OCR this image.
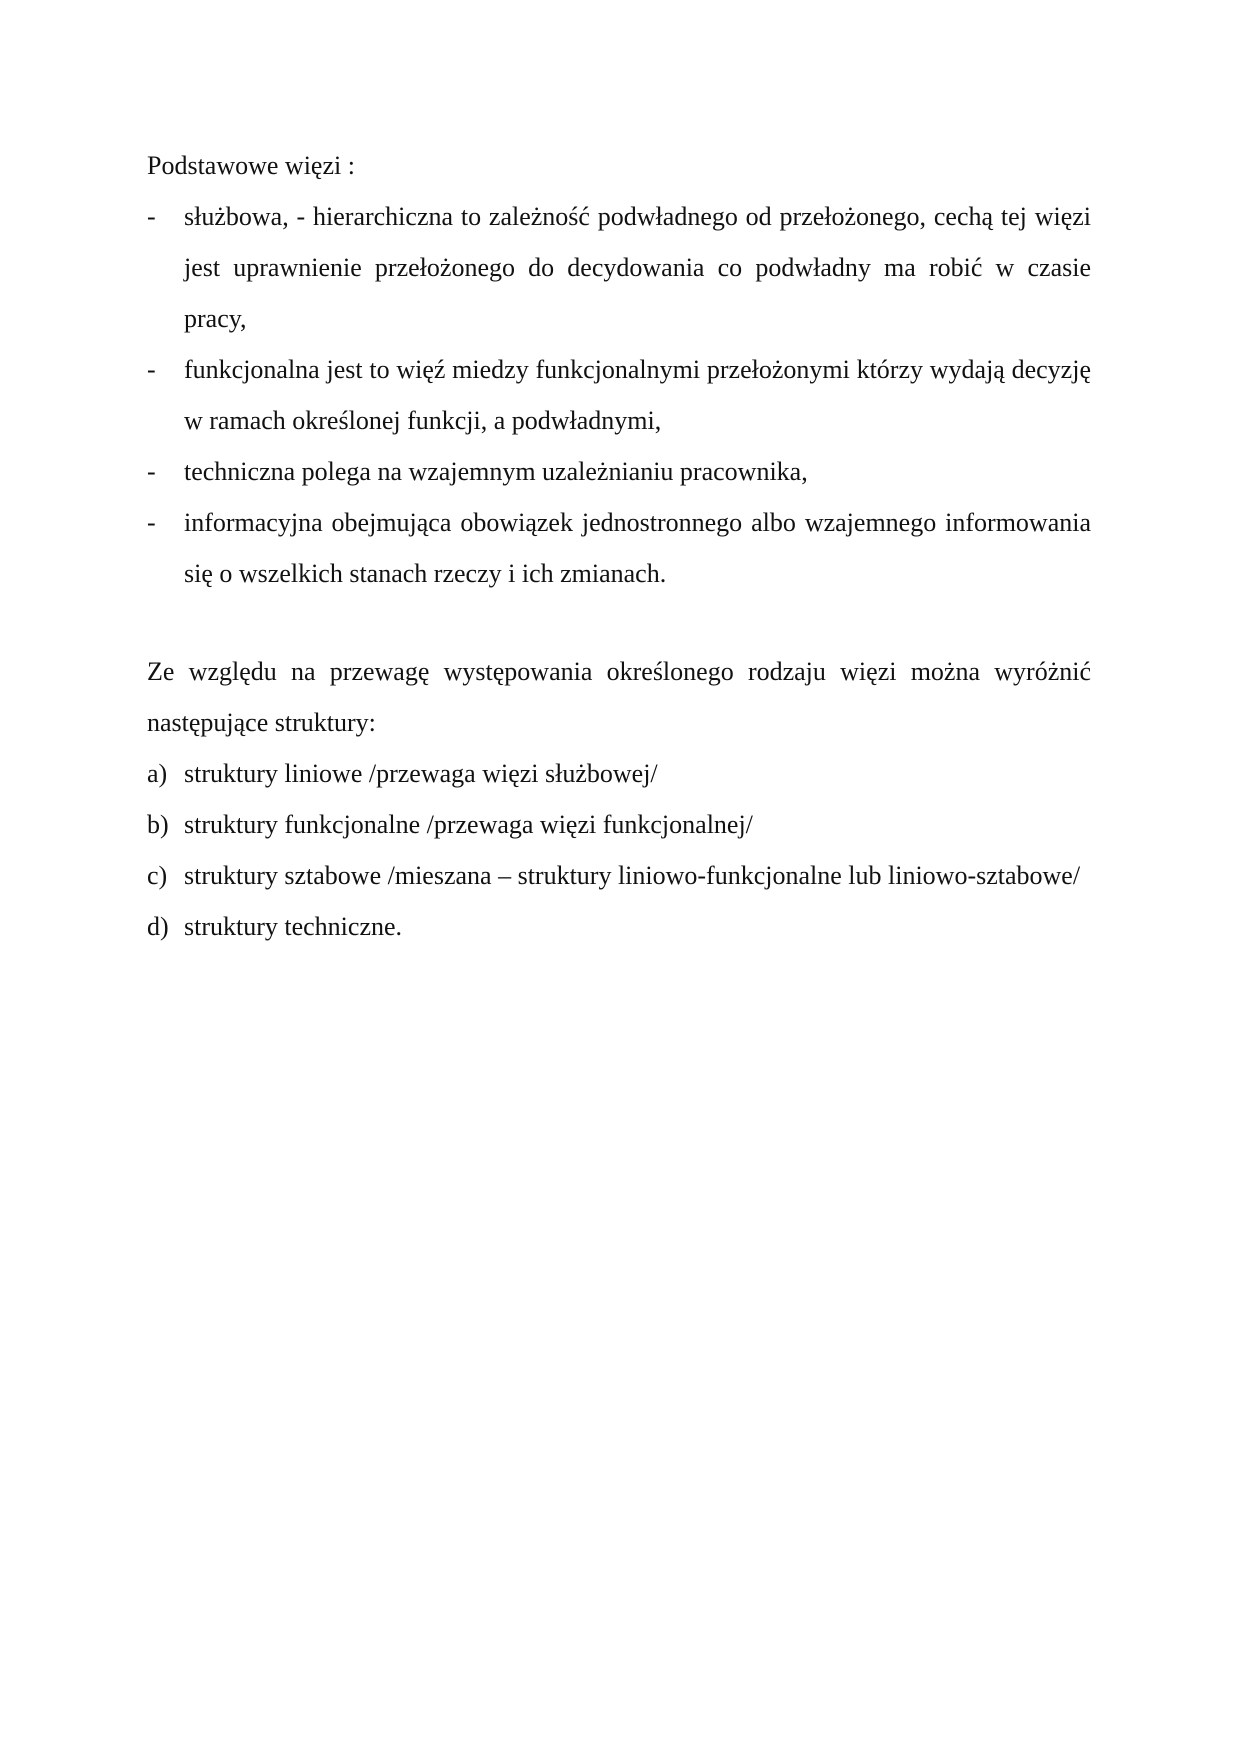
Podstawowe więzi :

-	służbowa, - hierarchiczna to zależność podwładnego od przełożonego, cechą tej więzi jest uprawnienie przełożonego do decydowania co podwładny ma robić w czasie pracy,
-	funkcjonalna jest to więź miedzy funkcjonalnymi przełożonymi którzy wydają decyzję w ramach określonej funkcji, a podwładnymi,
-	techniczna polega na wzajemnym uzależnianiu pracownika,
-	informacyjna obejmująca obowiązek jednostronnego albo wzajemnego informowania się o wszelkich stanach rzeczy i ich zmianach.

Ze względu na przewagę występowania określonego rodzaju więzi można wyróżnić następujące struktury:

a) struktury liniowe /przewaga więzi służbowej/
b) struktury funkcjonalne /przewaga więzi funkcjonalnej/
c) struktury sztabowe /mieszana – struktury liniowo-funkcjonalne lub liniowo-sztabowe/
d) struktury techniczne.
